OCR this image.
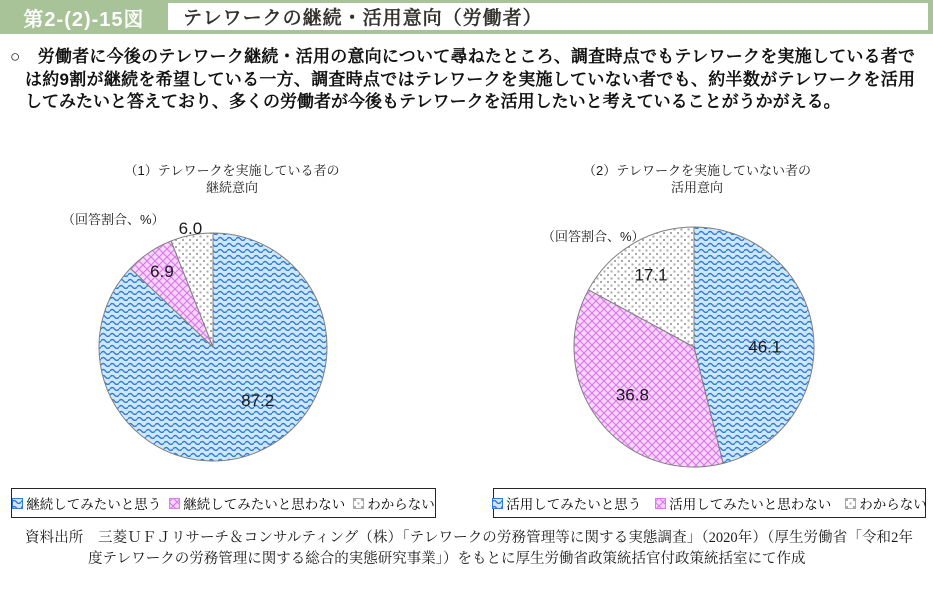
第2-(2)-15図	テレワークの継続・活用意向（労働者）

○　労働者に今後のテレワーク継続・活用の意向について尋ねたところ、調査時点でもテレワークを実施している者では約9割が継続を希望している一方、調査時点ではテレワークを実施していない者でも、約半数がテレワークを活用してみたいと答えており、多くの労働者が今後もテレワークを活用したいと考えていることがうかがえる。

（1）テレワークを実施している者の
継続意向
（回答割合、%）
87.2
6.9
6.0
継続してみたいと思う 継続してみたいと思わない わからない
（2）テレワークを実施していない者の
活用意向
（回答割合、%）
46.1
36.8
17.1
活用してみたいと思う 活用してみたいと思わない わからない
資料出所　 三菱ＵＦＪリサーチ＆コンサルティング（株）「テレワークの労務管理等に関する実態調査」（2020年）（厚生労働省「令和2年度テレワークの労務管理に関する総合的実態研究事業」）をもとに厚生労働省政策統括官付政策統括室にて作成
